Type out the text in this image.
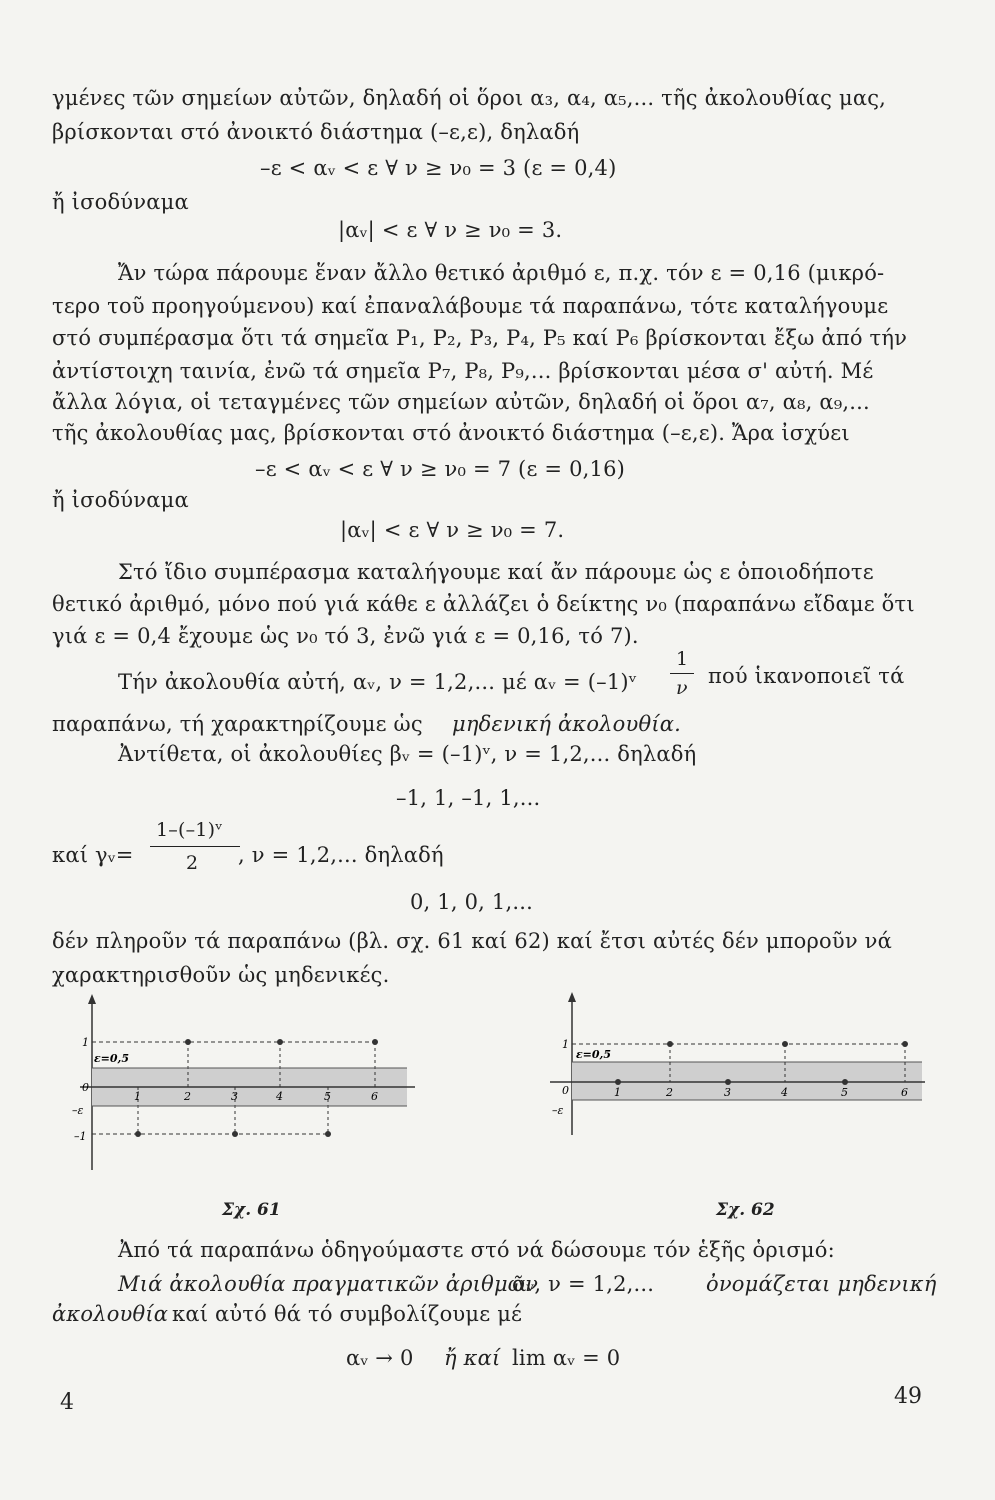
γμένες τῶν σημείων αὐτῶν, δηλαδή οἱ ὅροι α₃, α₄, α₅,... τῆς ἀκολουθίας μας,
βρίσκονται στό ἀνοικτό διάστημα (–ε,ε), δηλαδή
–ε < αᵥ < ε ∀ ν ≥ ν₀ = 3 (ε = 0,4)
ἤ ἰσοδύναμα
|αᵥ| < ε ∀ ν ≥ ν₀ = 3.
Ἄν τώρα πάρουμε ἕναν ἄλλο θετικό ἀριθμό ε, π.χ. τόν ε = 0,16 (μικρό-
τερο τοῦ προηγούμενου) καί ἐπαναλάβουμε τά παραπάνω, τότε καταλήγουμε
στό συμπέρασμα ὅτι τά σημεῖα P₁, P₂, P₃, P₄, P₅ καί P₆ βρίσκονται ἔξω ἀπό τήν
ἀντίστοιχη ταινία, ἐνῶ τά σημεῖα P₇, P₈, P₉,... βρίσκονται μέσα σ' αὐτή. Μέ
ἄλλα λόγια, οἱ τεταγμένες τῶν σημείων αὐτῶν, δηλαδή οἱ ὅροι α₇, α₈, α₉,...
τῆς ἀκολουθίας μας, βρίσκονται στό ἀνοικτό διάστημα (–ε,ε). Ἄρα ἰσχύει
–ε < αᵥ < ε ∀ ν ≥ ν₀ = 7 (ε = 0,16)
ἤ ἰσοδύναμα
|αᵥ| < ε ∀ ν ≥ ν₀ = 7.
Στό ἴδιο συμπέρασμα καταλήγουμε καί ἄν πάρουμε ὡς ε ὁποιοδήποτε
θετικό ἀριθμό, μόνο πού γιά κάθε ε ἀλλάζει ὁ δείκτης ν₀ (παραπάνω εἴδαμε ὅτι
γιά ε = 0,4 ἔχουμε ὡς ν₀ τό 3, ἐνῶ γιά ε = 0,16, τό 7).
Τήν ἀκολουθία αὐτή, αᵥ, ν = 1,2,... μέ αᵥ = (–1)ᵛ
1
ν πού ἱκανοποιεῖ τά
παραπάνω, τή χαρακτηρίζουμε ὡς μηδενική ἀκολουθία.
Ἀντίθετα, οἱ ἀκολουθίες βᵥ = (–1)ᵛ, ν = 1,2,... δηλαδή
–1, 1, –1, 1,...
καί γᵥ=
1–(–1)ᵛ
2 , ν = 1,2,... δηλαδή
0, 1, 0, 1,...
δέν πληροῦν τά παραπάνω (βλ. σχ. 61 καί 62) καί ἔτσι αὐτές δέν μποροῦν νά
χαρακτηρισθοῦν ὡς μηδενικές.
ε=0,5
1
0
–ε
–1
1	2	3	4	5	6
Σχ. 61
ε=0,5
1
0
–ε
1	2	3	4	5	6
Σχ. 62
Ἀπό τά παραπάνω ὁδηγούμαστε στό νά δώσουμε τόν ἑξῆς ὁρισμό:
Μιά ἀκολουθία πραγματικῶν ἀριθμῶν
αᵥ, ν = 1,2,... ὀνομάζεται μηδενική
ἀκολουθία καί αὐτό θά τό συμβολίζουμε μέ
αᵥ → 0 ἤ καί lim αᵥ = 0
4	49
